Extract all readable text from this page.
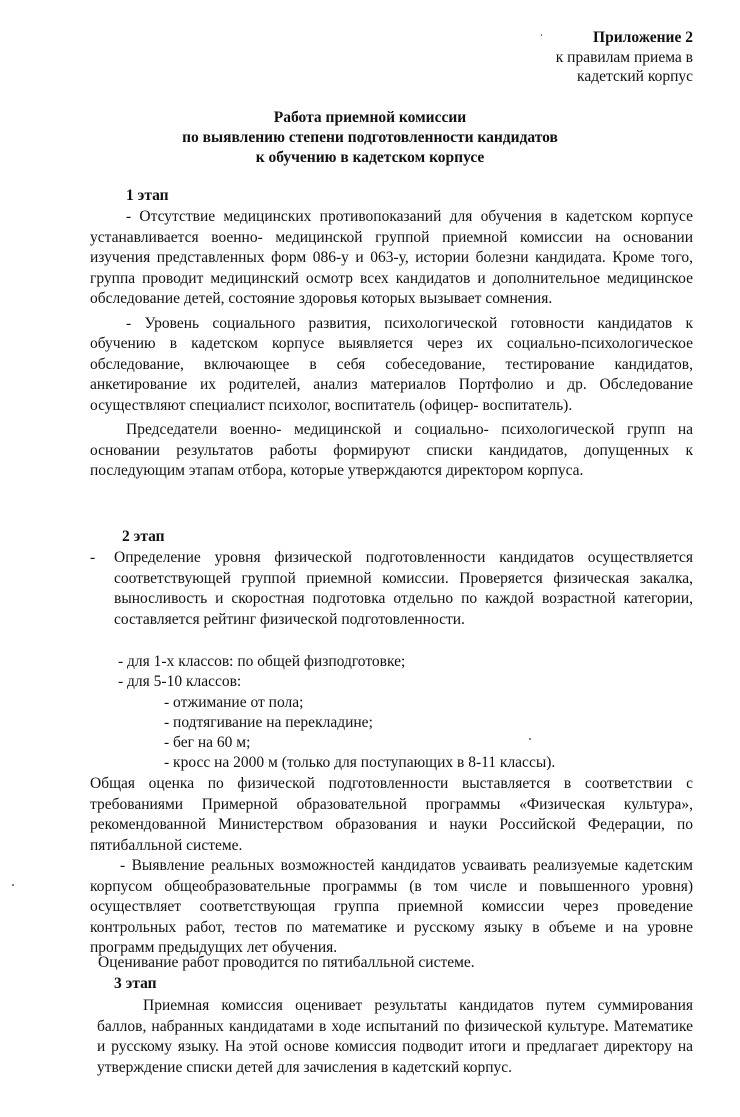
Приложение 2
к правилам приема в
кадетский корпус
Работа приемной комиссии
по выявлению степени подготовленности кандидатов
к обучению в кадетском корпусе
1 этап

- Отсутствие медицинских противопоказаний для обучения в кадетском корпусе устанавливается военно- медицинской группой приемной комиссии на основании изучения представленных форм 086-у и 063-у, истории болезни кандидата. Кроме того, группа проводит медицинский осмотр всех кандидатов и дополнительное медицинское обследование детей, состояние здоровья которых вызывает сомнения.

- Уровень социального развития, психологической готовности кандидатов к обучению в кадетском корпусе выявляется через их социально-психологическое обследование, включающее в себя собеседование, тестирование кандидатов, анкетирование их родителей, анализ материалов Портфолио и др. Обследование осуществляют специалист психолог, воспитатель (офицер- воспитатель).

Председатели военно- медицинской и социально- психологической групп на основании результатов работы формируют списки кандидатов, допущенных к последующим этапам отбора, которые утверждаются директором корпуса.

2 этап
-	Определение уровня физической подготовленности кандидатов осуществляется соответствующей группой приемной комиссии. Проверяется физическая закалка, выносливость и скоростная подготовка отдельно по каждой возрастной категории, составляется рейтинг физической подготовленности.
- для 1-х классов: по общей физподготовке;
- для 5-10 классов:
- отжимание от пола;
- подтягивание на перекладине;
- бег на 60 м;
- кросс на 2000 м (только для поступающих в 8-11 классы).
Общая оценка по физической подготовленности выставляется в соответствии с требованиями Примерной образовательной программы «Физическая культура», рекомендованной Министерством образования и науки Российской Федерации, по пятибалльной системе.

- Выявление реальных возможностей кандидатов усваивать реализуемые кадетским корпусом общеобразовательные программы (в том числе и повышенного уровня) осуществляет соответствующая группа приемной комиссии через проведение контрольных работ, тестов по математике и русскому языку в объеме и на уровне программ предыдущих лет обучения.

Оценивание работ проводится по пятибалльной системе.
3 этап

Приемная комиссия оценивает результаты кандидатов путем суммирования баллов, набранных кандидатами в ходе испытаний по физической культуре. Математике и русскому языку. На этой основе комиссия подводит итоги и предлагает директору на утверждение списки детей для зачисления в кадетский корпус.
